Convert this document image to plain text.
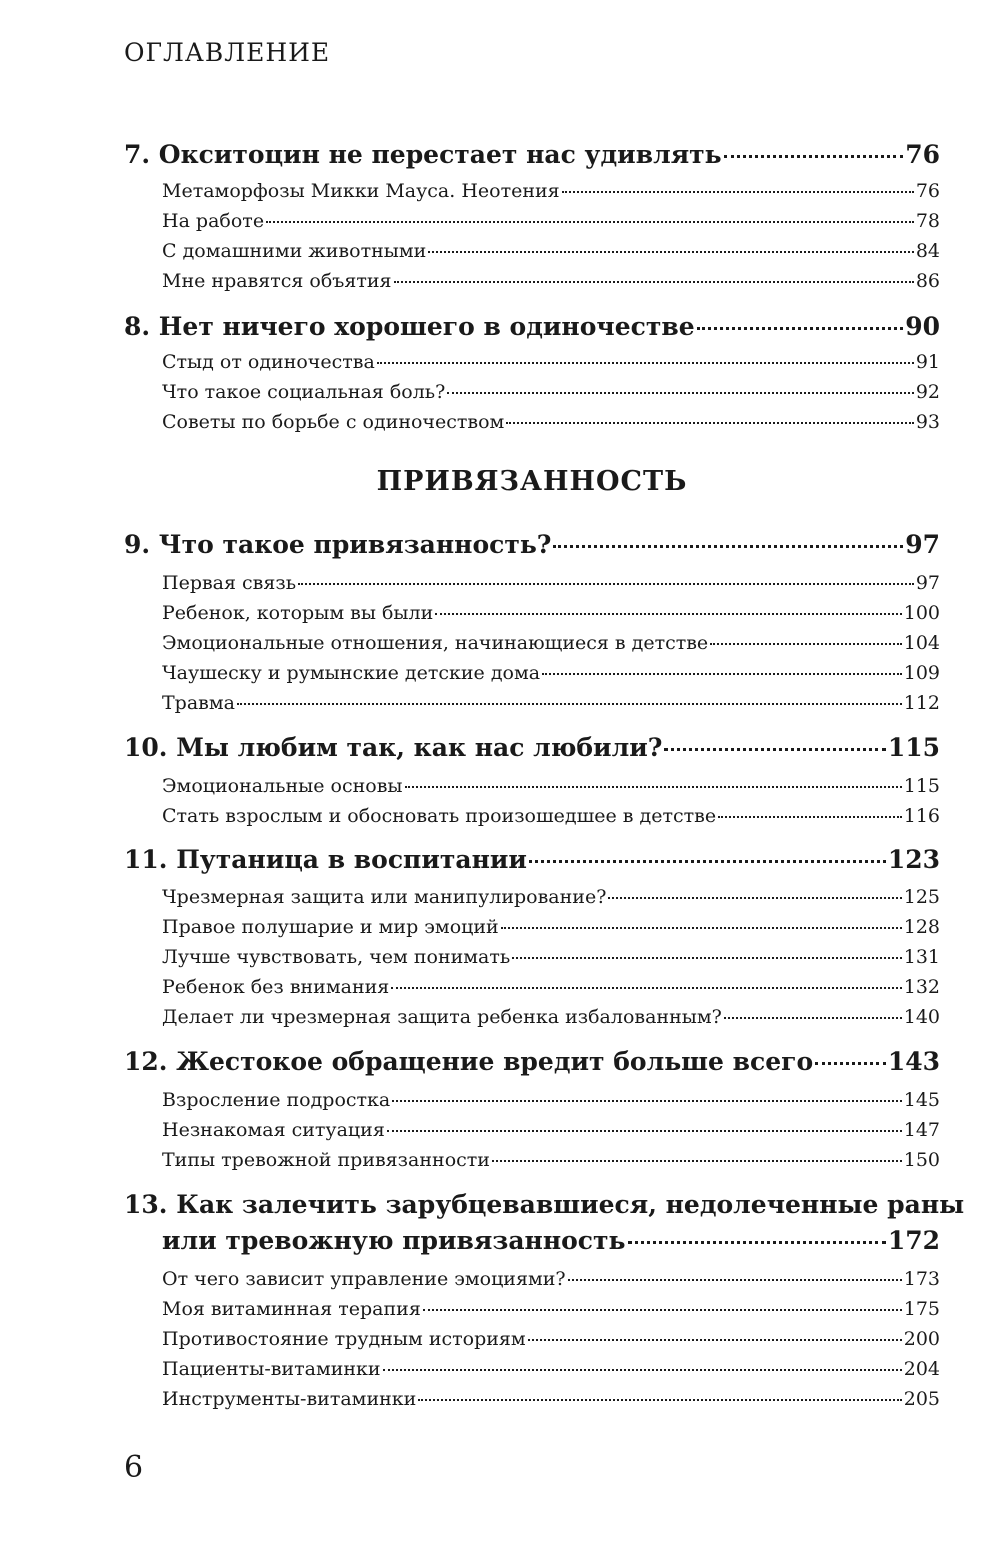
ОГЛАВЛЕНИЕ
7. Окситоцин не перестает нас удивлять	76
Метаморфозы Микки Мауса. Неотения	76
На работе	78
С домашними животными	84
Мне нравятся объятия	86
8. Нет ничего хорошего в одиночестве	90
Стыд от одиночества	91
Что такое социальная боль?	92
Советы по борьбе с одиночеством	93
ПРИВЯЗАННОСТЬ
9. Что такое привязанность?	97
Первая связь	97
Ребенок, которым вы были	100
Эмоциональные отношения, начинающиеся в детстве	104
Чаушеску и румынские детские дома	109
Травма	112
10. Мы любим так, как нас любили?	115
Эмоциональные основы	115
Стать взрослым и обосновать произошедшее в детстве	116
11. Путаница в воспитании	123
Чрезмерная защита или манипулирование?	125
Правое полушарие и мир эмоций	128
Лучше чувствовать, чем понимать	131
Ребенок без внимания	132
Делает ли чрезмерная защита ребенка избалованным?	140
12. Жестокое обращение вредит больше всего	143
Взросление подростка	145
Незнакомая ситуация	147
Типы тревожной привязанности	150
13. Как залечить зарубцевавшиеся, недолеченные раны
или тревожную привязанность	172
От чего зависит управление эмоциями?	173
Моя витаминная терапия	175
Противостояние трудным историям	200
Пациенты-витаминки	204
Инструменты-витаминки	205
6
